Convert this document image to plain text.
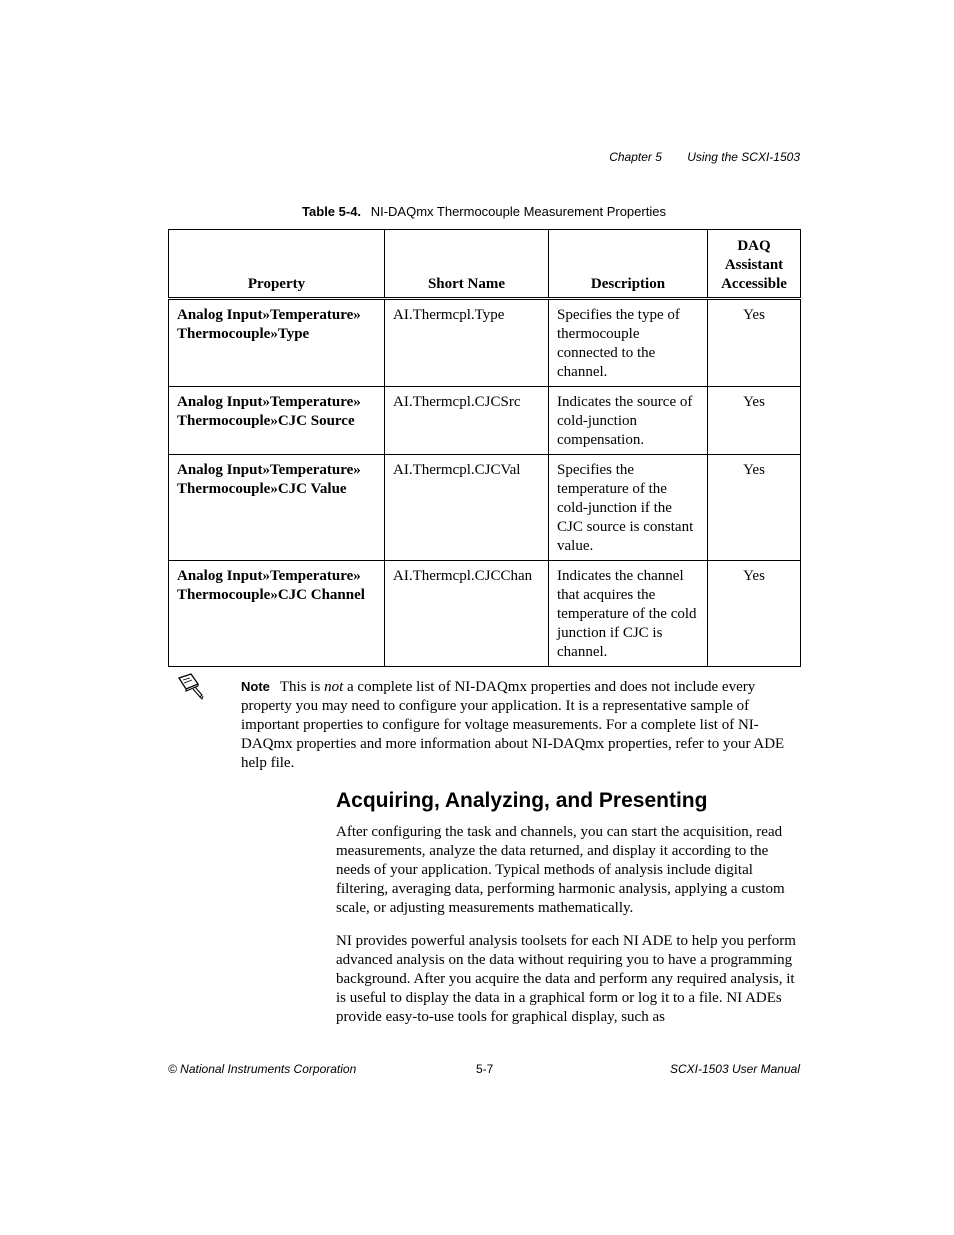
Chapter 5 Using the SCXI-1503
Table 5-4. NI-DAQmx Thermocouple Measurement Properties
Property	Short Name	Description	DAQ
Assistant
Accessible
Analog Input»Temperature»
Thermocouple»Type	AI.Thermcpl.Type	Specifies the type of thermocouple connected to the channel.	Yes
Analog Input»Temperature»
Thermocouple»CJC Source	AI.Thermcpl.CJCSrc	Indicates the source of cold-junction compensation.	Yes
Analog Input»Temperature»
Thermocouple»CJC Value	AI.Thermcpl.CJCVal	Specifies the temperature of the cold-junction if the CJC source is constant value.	Yes
Analog Input»Temperature»
Thermocouple»CJC Channel	AI.Thermcpl.CJCChan	Indicates the channel that acquires the temperature of the cold junction if CJC is channel.	Yes
Note This is not a complete list of NI-DAQmx properties and does not include every property you may need to configure your application. It is a representative sample of important properties to configure for voltage measurements. For a complete list of NI-DAQmx properties and more information about NI-DAQmx properties, refer to your ADE help file.
Acquiring, Analyzing, and Presenting

After configuring the task and channels, you can start the acquisition, read measurements, analyze the data returned, and display it according to the needs of your application. Typical methods of analysis include digital filtering, averaging data, performing harmonic analysis, applying a custom scale, or adjusting measurements mathematically.

NI provides powerful analysis toolsets for each NI ADE to help you perform advanced analysis on the data without requiring you to have a programming background. After you acquire the data and perform any required analysis, it is useful to display the data in a graphical form or log it to a file. NI ADEs provide easy-to-use tools for graphical display, such as

© National Instruments Corporation	5-7	SCXI-1503 User Manual
